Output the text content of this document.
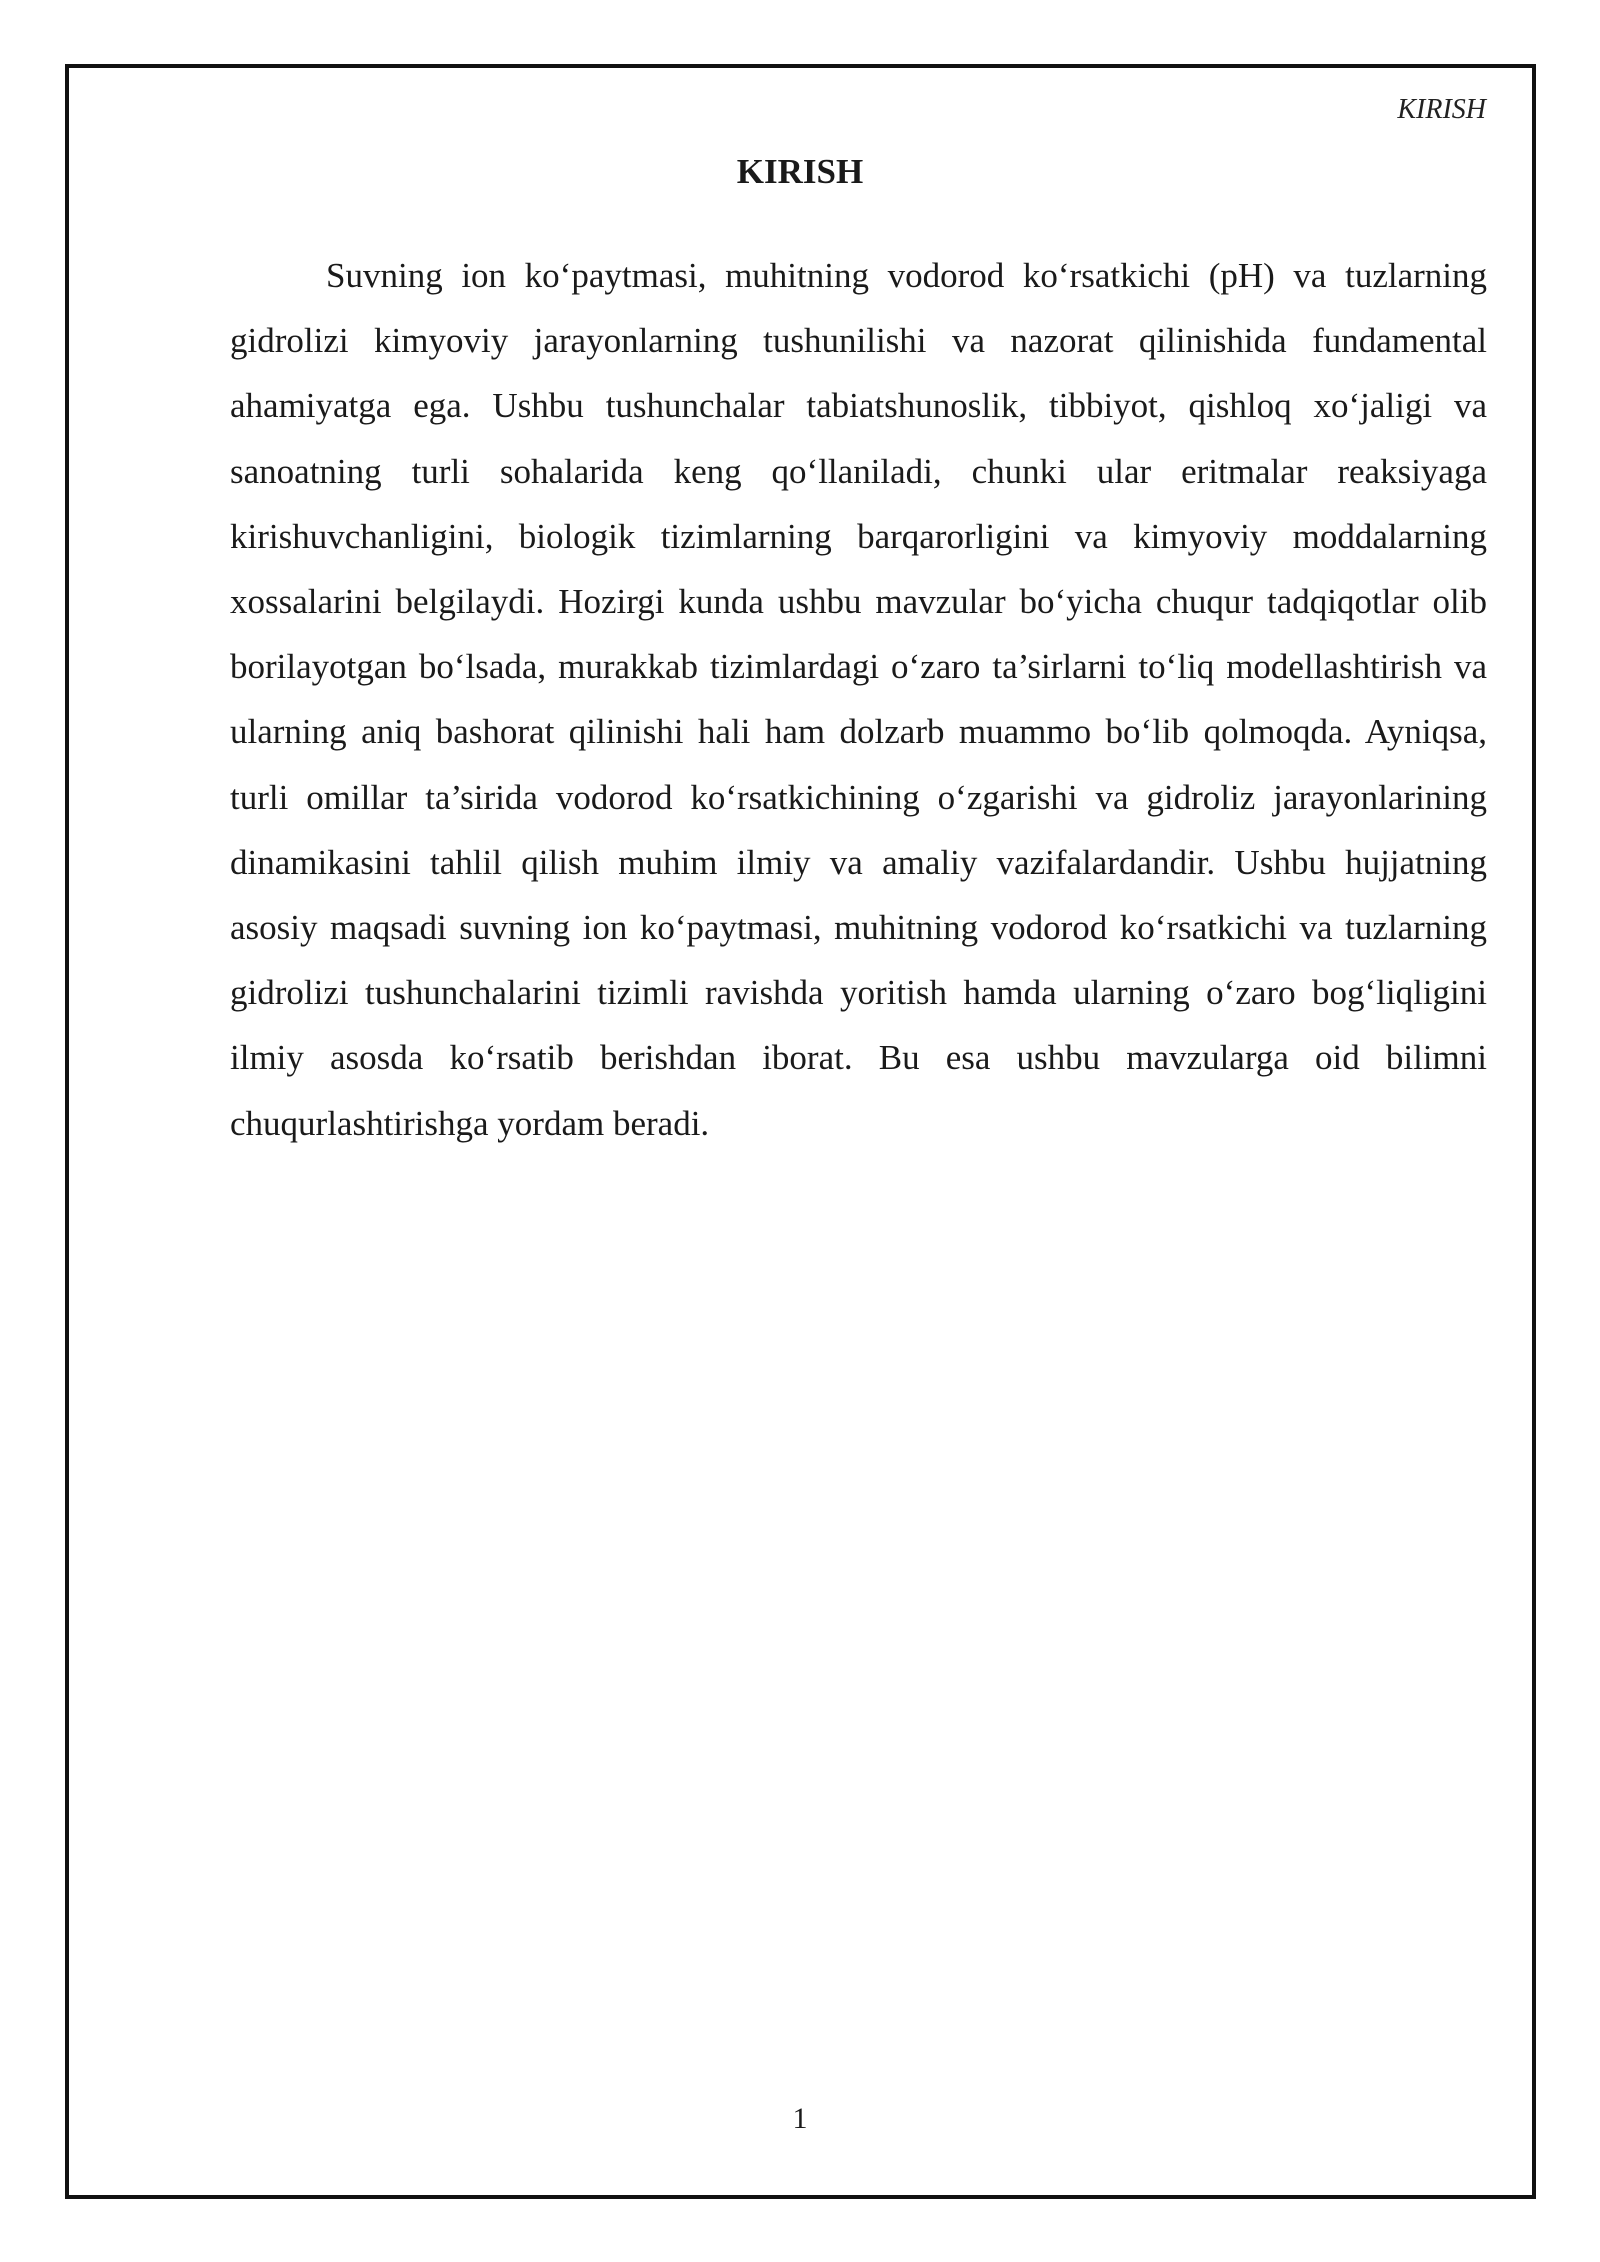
KIRISH
KIRISH

Suvning ion ko‘paytmasi, muhitning vodorod ko‘rsatkichi (pH) va tuzlarning gidrolizi kimyoviy jarayonlarning tushunilishi va nazorat qilinishida fundamental ahamiyatga ega. Ushbu tushunchalar tabiatshunoslik, tibbiyot, qishloq xo‘jaligi va sanoatning turli sohalarida keng qo‘llaniladi, chunki ular eritmalar reaksiyaga kirishuvchanligini, biologik tizimlarning barqarorligini va kimyoviy moddalarning xossalarini belgilaydi. Hozirgi kunda ushbu mavzular bo‘yicha chuqur tadqiqotlar olib borilayotgan bo‘lsada, murakkab tizimlardagi o‘zaro ta’sirlarni to‘liq modellashtirish va ularning aniq bashorat qilinishi hali ham dolzarb muammo bo‘lib qolmoqda. Ayniqsa, turli omillar ta’sirida vodorod ko‘rsatkichining o‘zgarishi va gidroliz jarayonlarining dinamikasini tahlil qilish muhim ilmiy va amaliy vazifalardandir. Ushbu hujjatning asosiy maqsadi suvning ion ko‘paytmasi, muhitning vodorod ko‘rsatkichi va tuzlarning gidrolizi tushunchalarini tizimli ravishda yoritish hamda ularning o‘zaro bog‘liqligini ilmiy asosda ko‘rsatib berishdan iborat. Bu esa ushbu mavzularga oid bilimni chuqurlashtirishga yordam beradi.

1
